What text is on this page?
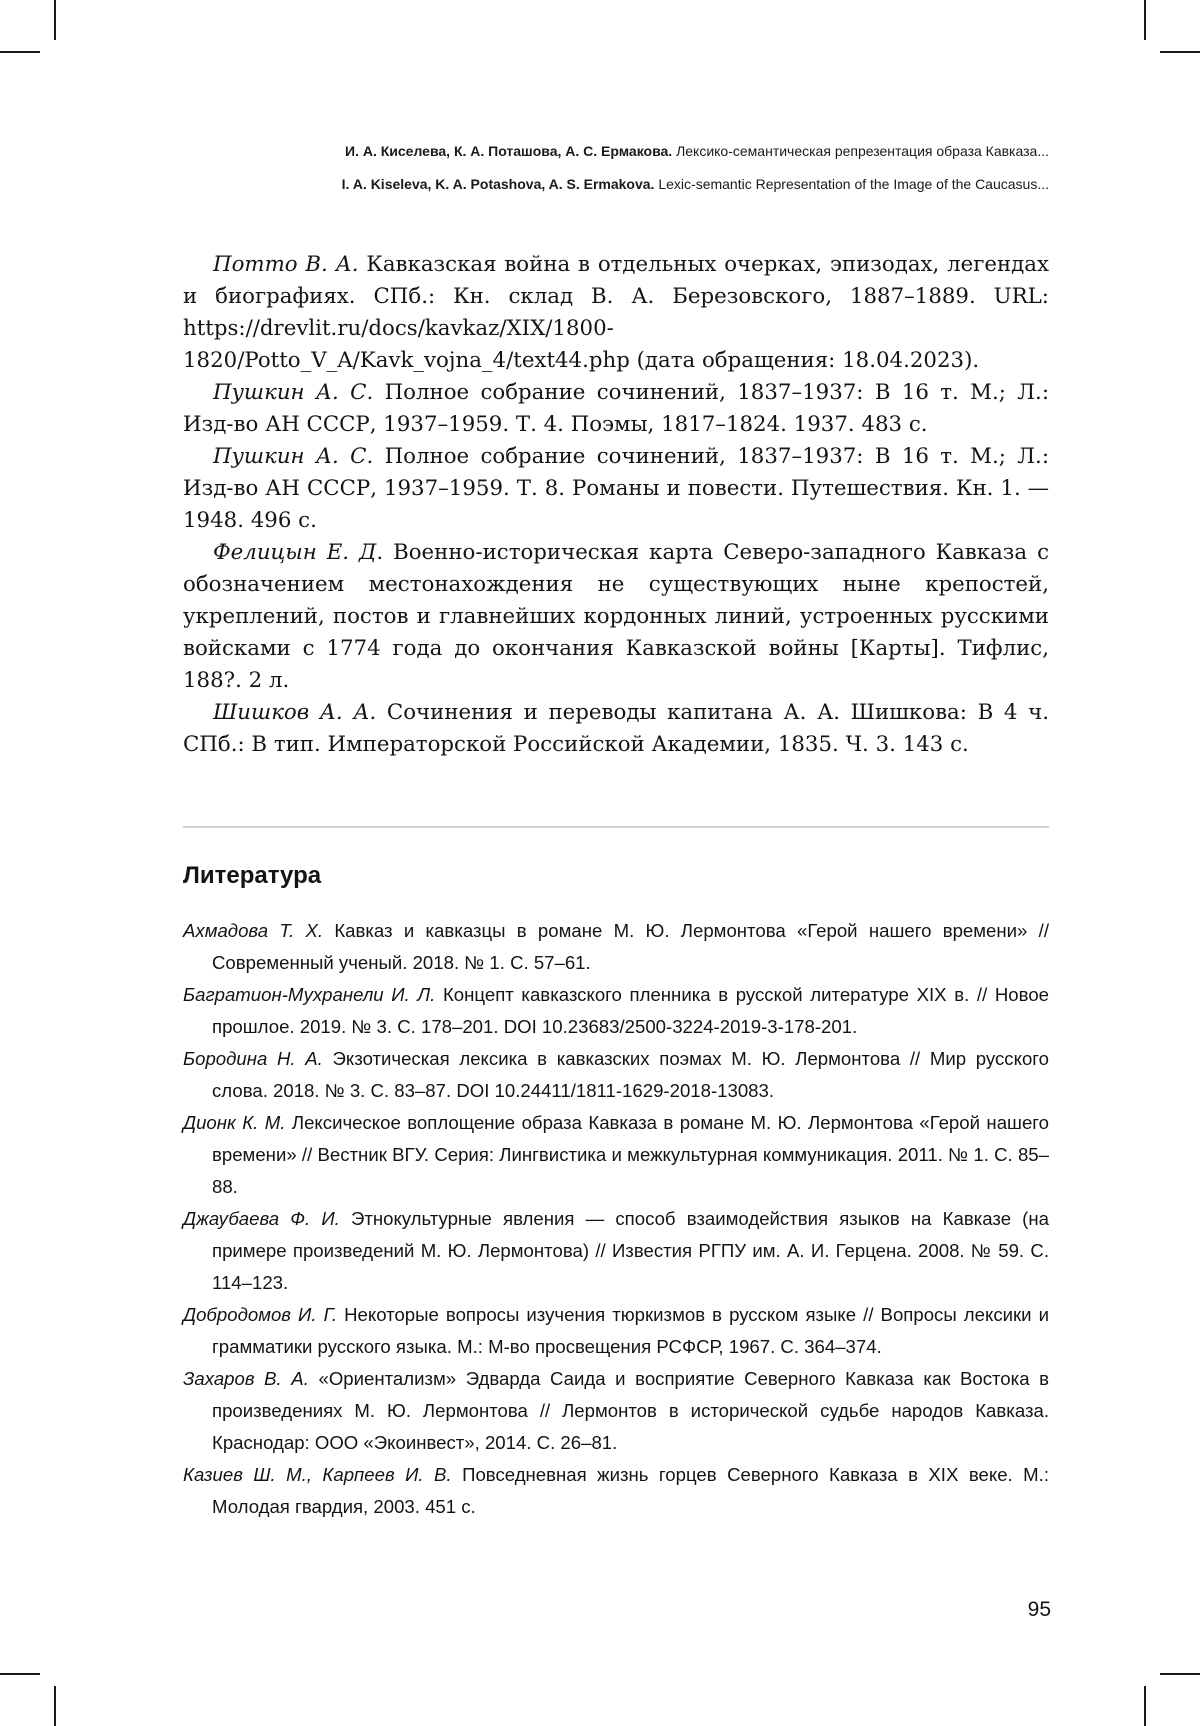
И. А. Киселева, К. А. Поташова, А. С. Ермакова. Лексико-семантическая репрезентация образа Кавказа...
I. A. Kiseleva, K. A. Potashova, A. S. Ermakova. Lexic-semantic Representation of the Image of the Caucasus...

Потто В. А. Кавказская война в отдельных очерках, эпизодах, легендах и биографиях. СПб.: Кн. склад В. А. Березовского, 1887–1889. URL: https://drevlit.ru/docs/kavkaz/XIX/1800-1820/Potto_V_A/Kavk_vojna_4/text44.php (дата обращения: 18.04.2023).

Пушкин А. С. Полное собрание сочинений, 1837–1937: В 16 т. М.; Л.: Изд-во АН СССР, 1937–1959. Т. 4. Поэмы, 1817–1824. 1937. 483 с.

Пушкин А. С. Полное собрание сочинений, 1837–1937: В 16 т. М.; Л.: Изд-во АН СССР, 1937–1959. Т. 8. Романы и повести. Путешествия. Кн. 1. — 1948. 496 с.

Фелицын Е. Д. Военно-историческая карта Северо-западного Кавказа с обозначением местонахождения не существующих ныне крепостей, укреплений, постов и главнейших кордонных линий, устроенных русскими войсками с 1774 года до окончания Кавказской войны [Карты]. Тифлис, 188?. 2 л.

Шишков А. А. Сочинения и переводы капитана А. А. Шишкова: В 4 ч. СПб.: В тип. Императорской Российской Академии, 1835. Ч. 3. 143 с.

Литература

Ахмадова Т. Х. Кавказ и кавказцы в романе М. Ю. Лермонтова «Герой нашего времени» // Современный ученый. 2018. № 1. С. 57–61.

Багратион-Мухранели И. Л. Концепт кавказского пленника в русской литературе XIX в. // Новое прошлое. 2019. № 3. С. 178–201. DOI 10.23683/2500-3224-2019-3-178-201.

Бородина Н. А. Экзотическая лексика в кавказских поэмах М. Ю. Лермонтова // Мир русского слова. 2018. № 3. С. 83–87. DOI 10.24411/1811-1629-2018-13083.

Дионк К. М. Лексическое воплощение образа Кавказа в романе М. Ю. Лермонтова «Герой нашего времени» // Вестник ВГУ. Серия: Лингвистика и межкультурная коммуникация. 2011. № 1. С. 85–88.

Джаубаева Ф. И. Этнокультурные явления — способ взаимодействия языков на Кавказе (на примере произведений М. Ю. Лермонтова) // Известия РГПУ им. А. И. Герцена. 2008. № 59. С. 114–123.

Добродомов И. Г. Некоторые вопросы изучения тюркизмов в русском языке // Вопросы лексики и грамматики русского языка. М.: М-во просвещения РСФСР, 1967. С. 364–374.

Захаров В. А. «Ориентализм» Эдварда Саида и восприятие Северного Кавказа как Востока в произведениях М. Ю. Лермонтова // Лермонтов в исторической судьбе народов Кавказа. Краснодар: ООО «Экоинвест», 2014. С. 26–81.

Казиев Ш. М., Карпеев И. В. Повседневная жизнь горцев Северного Кавказа в XIX веке. М.: Молодая гвардия, 2003. 451 с.

95
